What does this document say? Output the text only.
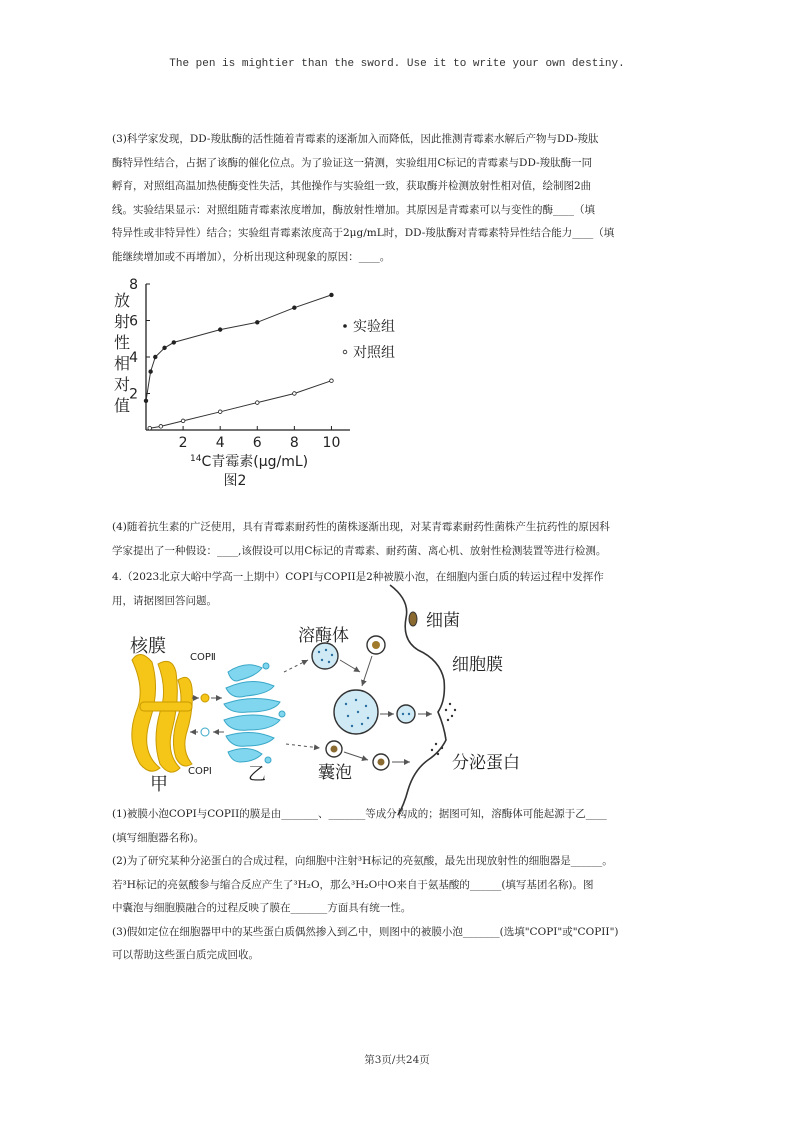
The pen is mightier than the sword. Use it to write your own destiny.
(3)科学家发现，DD-羧肽酶的活性随着青霉素的逐渐加入而降低，因此推测青霉素水解后产物与DD-羧肽
酶特异性结合，占据了该酶的催化位点。为了验证这一猜测，实验组用C标记的青霉素与DD-羧肽酶一同
孵育，对照组高温加热使酶变性失活，其他操作与实验组一致，获取酶并检测放射性相对值，绘制图2曲
线。实验结果显示：对照组随青霉素浓度增加，酶放射性增加。其原因是青霉素可以与变性的酶____（填
特异性或非特异性）结合；实验组青霉素浓度高于2μg/mL时，DD-羧肽酶对青霉素特异性结合能力____（填
能继续增加或不再增加），分析出现这种现象的原因：____。
放
射
性
相
对
值
2
4
6
8
2 4 6 8 10
$^{14}$C青霉素(μg/mL)
图2
实验组
对照组
(4)随着抗生素的广泛使用，具有青霉素耐药性的菌株逐渐出现，对某青霉素耐药性菌株产生抗药性的原因科
学家提出了一种假设：____,该假设可以用C标记的青霉素、耐药菌、离心机、放射性检测装置等进行检测。
4.（2023北京大峪中学高一上期中）COPI与COPII是2种被膜小泡，在细胞内蛋白质的转运过程中发挥作
用，请据图回答问题。
核膜
COPⅡ
COPⅠ
甲	乙
溶酶体
细菌
细胞膜
囊泡	分泌蛋白
(1)被膜小泡COPI与COPII的膜是由_______、_______等成分构成的；据图可知，溶酶体可能起源于乙____
(填写细胞器名称)。
(2)为了研究某种分泌蛋白的合成过程，向细胞中注射³H标记的亮氨酸，最先出现放射性的细胞器是______。
若³H标记的亮氨酸参与缩合反应产生了³H₂O，那么³H₂O中O来自于氨基酸的______(填写基团名称)。图
中囊泡与细胞膜融合的过程反映了膜在_______方面具有统一性。
(3)假如定位在细胞器甲中的某些蛋白质偶然掺入到乙中，则图中的被膜小泡_______(选填"COPI"或"COPII")
可以帮助这些蛋白质完成回收。
第3页/共24页
